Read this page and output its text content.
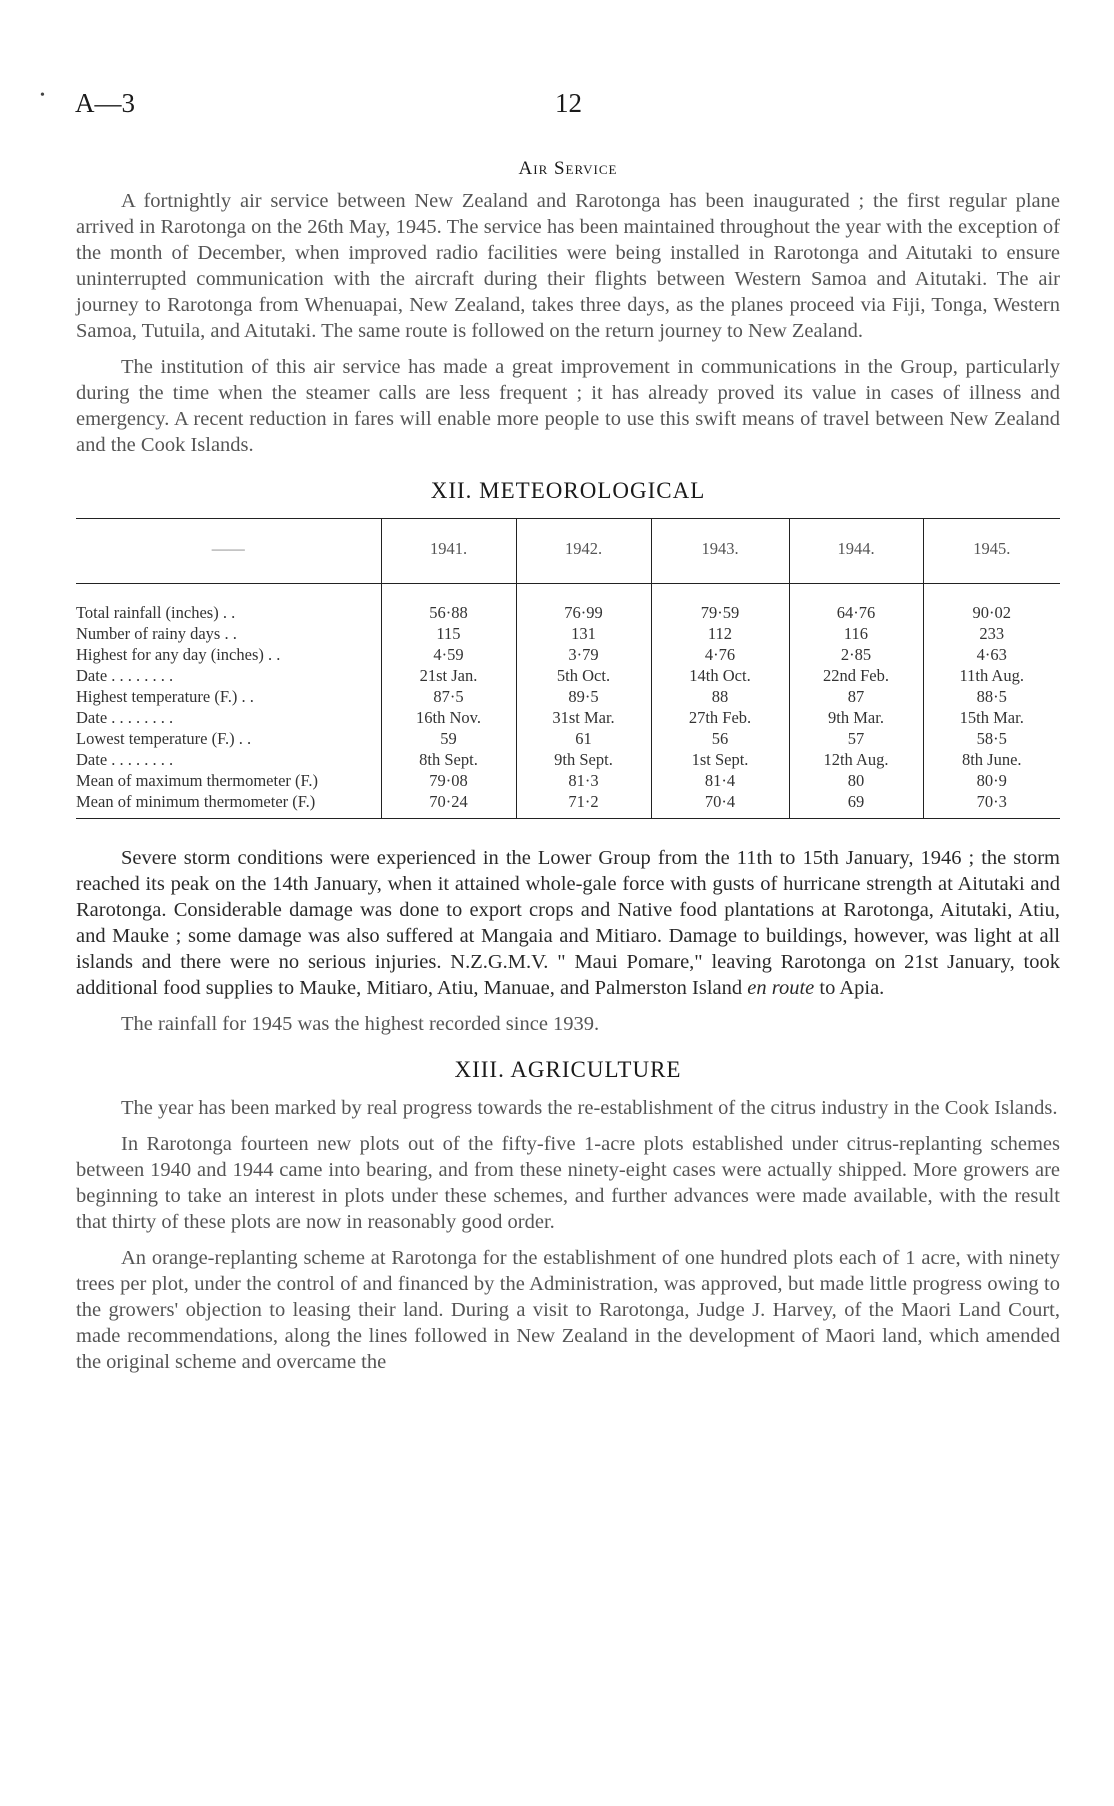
• A—3	12
Air Service

A fortnightly air service between New Zealand and Rarotonga has been inaugurated ; the first regular plane arrived in Rarotonga on the 26th May, 1945. The service has been maintained throughout the year with the exception of the month of December, when improved radio facilities were being installed in Rarotonga and Aitutaki to ensure uninterrupted communication with the aircraft during their flights between Western Samoa and Aitutaki. The air journey to Rarotonga from Whenuapai, New Zealand, takes three days, as the planes proceed via Fiji, Tonga, Western Samoa, Tutuila, and Aitutaki. The same route is followed on the return journey to New Zealand.

The institution of this air service has made a great improvement in communications in the Group, particularly during the time when the steamer calls are less frequent ; it has already proved its value in cases of illness and emergency. A recent reduction in fares will enable more people to use this swift means of travel between New Zealand and the Cook Islands.

XII. METEOROLOGICAL
——	1941.	1942.	1943.	1944.	1945.
Total rainfall (inches) . .	56·88	76·99	79·59	64·76	90·02
Number of rainy days . .	115	131	112	116	233
Highest for any day (inches) . .	4·59	3·79	4·76	2·85	4·63
Date . . . . . . . .	21st Jan.	5th Oct.	14th Oct.	22nd Feb.	11th Aug.
Highest temperature (F.) . .	87·5	89·5	88	87	88·5
Date . . . . . . . .	16th Nov.	31st Mar.	27th Feb.	9th Mar.	15th Mar.
Lowest temperature (F.) . .	59	61	56	57	58·5
Date . . . . . . . .	8th Sept.	9th Sept.	1st Sept.	12th Aug.	8th June.
Mean of maximum thermometer (F.)	79·08	81·3	81·4	80	80·9
Mean of minimum thermometer (F.)	70·24	71·2	70·4	69	70·3

Severe storm conditions were experienced in the Lower Group from the 11th to 15th January, 1946 ; the storm reached its peak on the 14th January, when it attained whole-gale force with gusts of hurricane strength at Aitutaki and Rarotonga. Considerable damage was done to export crops and Native food plantations at Rarotonga, Aitutaki, Atiu, and Mauke ; some damage was also suffered at Mangaia and Mitiaro. Damage to buildings, however, was light at all islands and there were no serious injuries. N.Z.G.M.V. " Maui Pomare," leaving Rarotonga on 21st January, took additional food supplies to Mauke, Mitiaro, Atiu, Manuae, and Palmerston Island en route to Apia.

The rainfall for 1945 was the highest recorded since 1939.

XIII. AGRICULTURE

The year has been marked by real progress towards the re-establishment of the citrus industry in the Cook Islands.

In Rarotonga fourteen new plots out of the fifty-five 1-acre plots established under citrus-replanting schemes between 1940 and 1944 came into bearing, and from these ninety-eight cases were actually shipped. More growers are beginning to take an interest in plots under these schemes, and further advances were made available, with the result that thirty of these plots are now in reasonably good order.

An orange-replanting scheme at Rarotonga for the establishment of one hundred plots each of 1 acre, with ninety trees per plot, under the control of and financed by the Administration, was approved, but made little progress owing to the growers' objection to leasing their land. During a visit to Rarotonga, Judge J. Harvey, of the Maori Land Court, made recommendations, along the lines followed in New Zealand in the development of Maori land, which amended the original scheme and overcame the
